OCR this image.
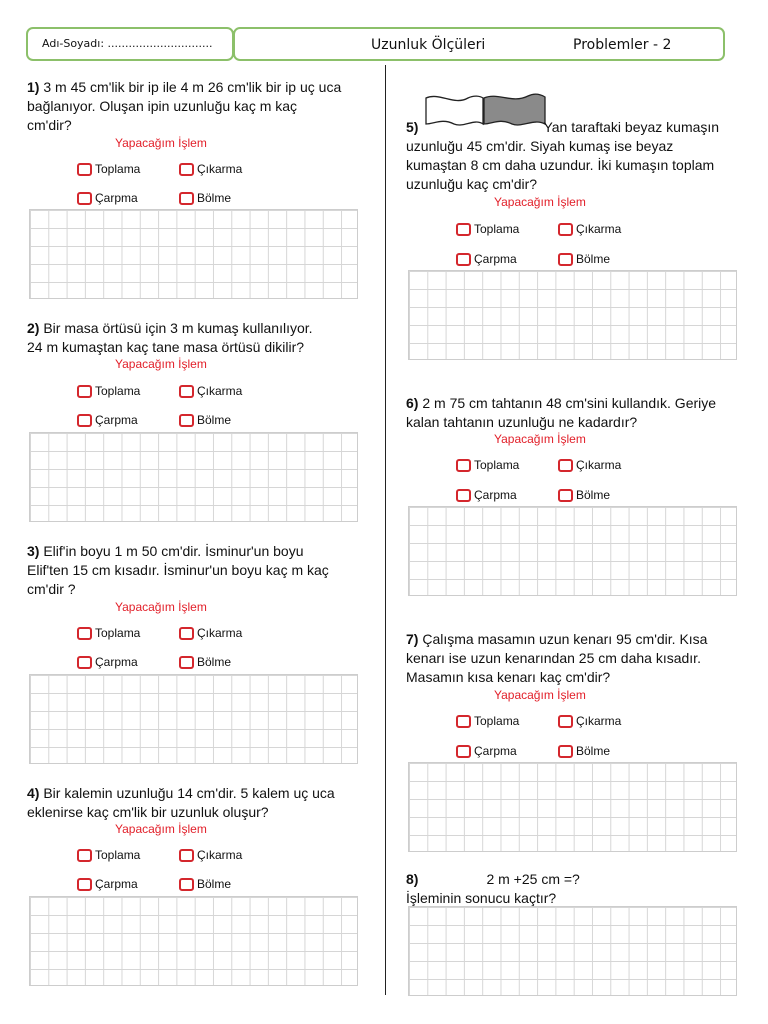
Adı-Soyadı: ..............................	Uzunluk Ölçüleri	Problemler - 2
1) 3 m 45 cm'lik bir ip ile 4 m 26 cm'lik bir ip uç uca
bağlanıyor. Oluşan ipin uzunluğu kaç m kaç
cm'dir?
Yapacağım İşlem
Toplama	Çıkarma
Çarpma	Bölme
2) Bir masa örtüsü için 3 m kumaş kullanılıyor.
24 m kumaştan kaç tane masa örtüsü dikilir?
Yapacağım İşlem
Toplama	Çıkarma
Çarpma	Bölme
3) Elif'in boyu 1 m 50 cm'dir. İsminur'un boyu
Elif'ten 15 cm kısadır. İsminur'un boyu kaç m kaç
cm'dir ?
Yapacağım İşlem
Toplama	Çıkarma
Çarpma	Bölme
4) Bir kalemin uzunluğu 14 cm'dir. 5 kalem uç uca
eklenirse kaç cm'lik bir uzunluk oluşur?
Yapacağım İşlem
Toplama	Çıkarma
Çarpma	Bölme
5)	Yan taraftaki beyaz kumaşın
uzunluğu 45 cm'dir. Siyah kumaş ise beyaz
kumaştan 8 cm daha uzundur. İki kumaşın toplam
uzunluğu kaç cm'dir?
Yapacağım İşlem
Toplama	Çıkarma
Çarpma	Bölme
6) 2 m 75 cm tahtanın 48 cm'sini kullandık. Geriye
kalan tahtanın uzunluğu ne kadardır?
Yapacağım İşlem
Toplama	Çıkarma
Çarpma	Bölme
7) Çalışma masamın uzun kenarı 95 cm'dir. Kısa
kenarı ise uzun kenarından 25 cm daha kısadır.
Masamın kısa kenarı kaç cm'dir?
Yapacağım İşlem
Toplama	Çıkarma
Çarpma	Bölme
8)	2 m +25 cm =?
İşleminin sonucu kaçtır?
